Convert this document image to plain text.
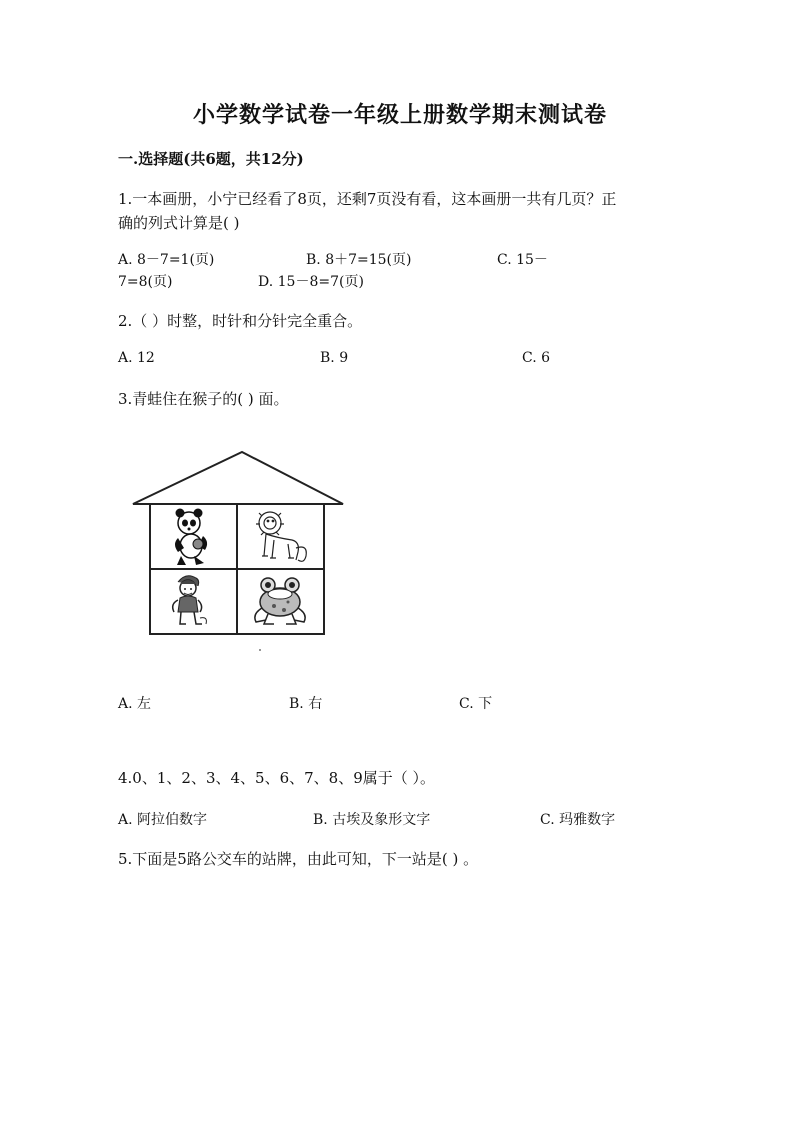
小学数学试卷一年级上册数学期末测试卷
一.选择题(共6题，共12分)
1.一本画册，小宁已经看了8页，还剩7页没有看，这本画册一共有几页？正
确的列式计算是( )
A. 8－7=1(页)	B. 8＋7=15(页)	C. 15－
7=8(页)	D. 15－8=7(页)
2.（ ）时整，时针和分针完全重合。
A. 12	B. 9	C. 6
3.青蛙住在猴子的( ) 面。
A. 左	B. 右	C. 下
4.0、1、2、3、4、5、6、7、8、9属于（ ）。
A. 阿拉伯数字	B. 古埃及象形文字	C. 玛雅数字
5.下面是5路公交车的站牌，由此可知，下一站是( ) 。
